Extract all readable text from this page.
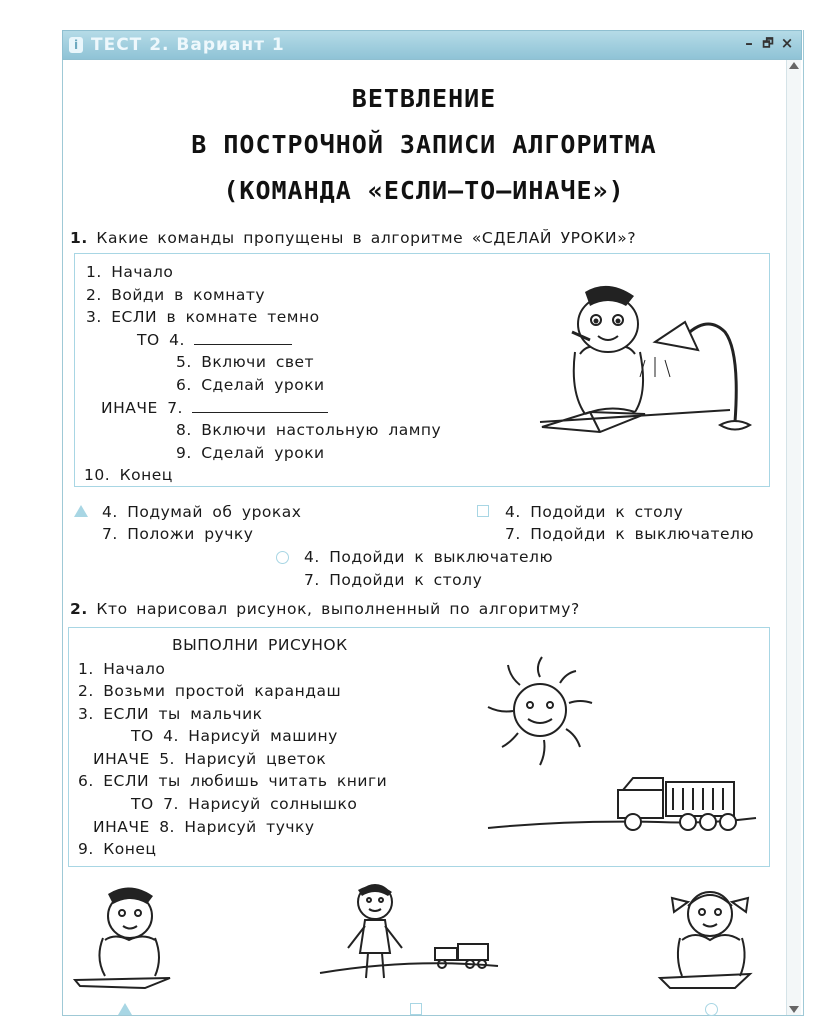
i ТЕСТ 2. Вариант 1	– 🗗 ×
ВЕТВЛЕНИЕ
В ПОСТРОЧНОЙ ЗАПИСИ АЛГОРИТМА
(КОМАНДА «ЕСЛИ–ТО–ИНАЧЕ»)
1. Какие команды пропущены в алгоритме «СДЕЛАЙ УРОКИ»?
1. Начало
2. Войди в комнату
3. ЕСЛИ в комнате темно
ТО 4.
5. Включи свет
6. Сделай уроки
ИНАЧЕ 7.
8. Включи настольную лампу
9. Сделай уроки
10. Конец
4. Подумай об уроках
7. Положи ручку
4. Подойди к столу
7. Подойди к выключателю
4. Подойди к выключателю
7. Подойди к столу
2. Кто нарисовал рисунок, выполненный по алгоритму?
ВЫПОЛНИ РИСУНОК
1. Начало
2. Возьми простой карандаш
3. ЕСЛИ ты мальчик
ТО 4. Нарисуй машину
ИНАЧЕ 5. Нарисуй цветок
6. ЕСЛИ ты любишь читать книги
ТО 7. Нарисуй солнышко
ИНАЧЕ 8. Нарисуй тучку
9. Конец
